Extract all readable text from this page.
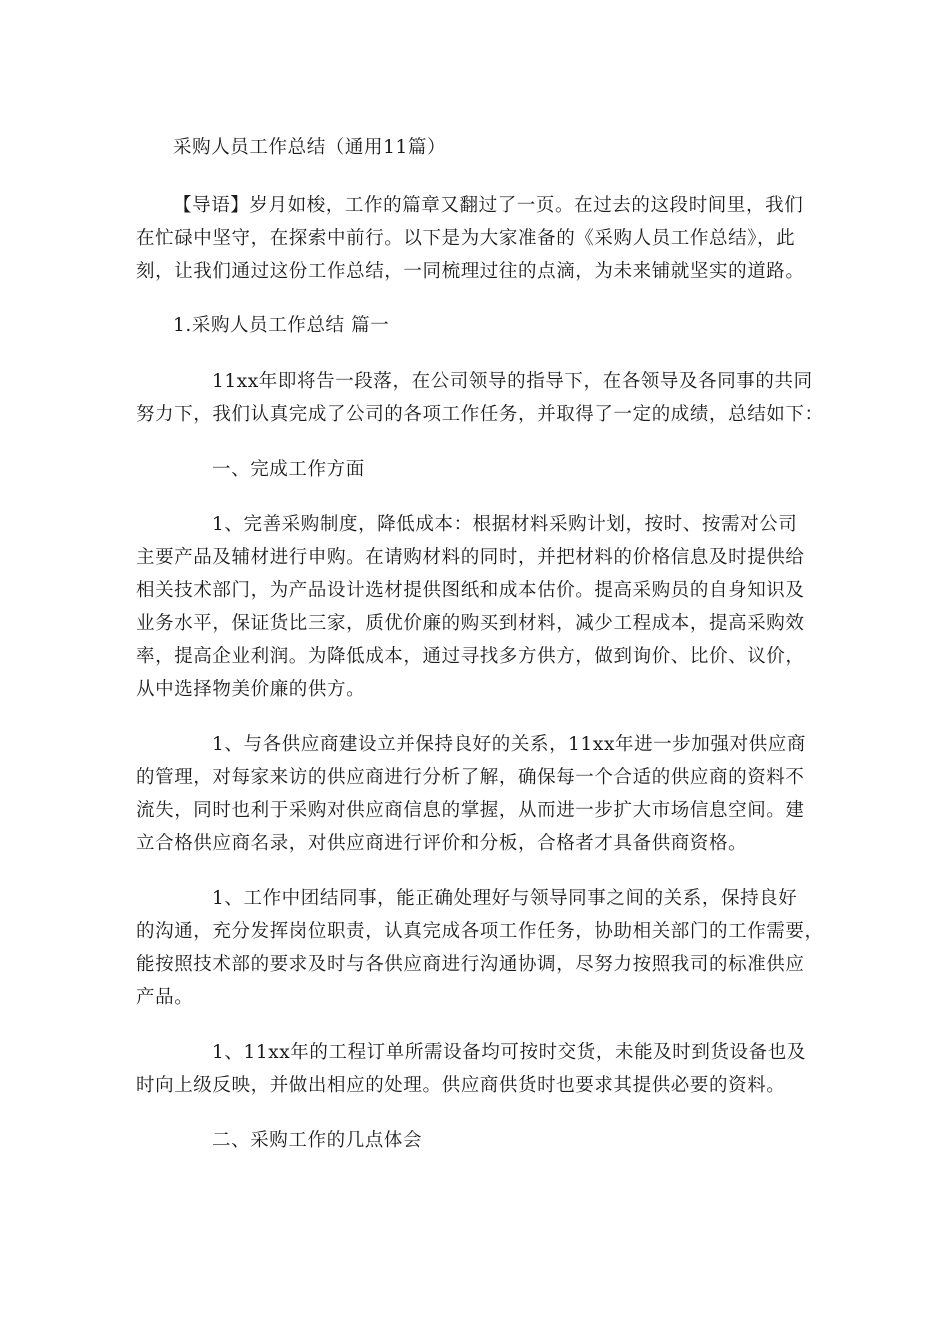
采购人员工作总结（通用11篇）

【导语】岁月如梭，工作的篇章又翻过了一页。在过去的这段时间里，我们

在忙碌中坚守，在探索中前行。以下是为大家准备的《采购人员工作总结》，此

刻，让我们通过这份工作总结，一同梳理过往的点滴，为未来铺就坚实的道路。

1.采购人员工作总结 篇一

11xx年即将告一段落，在公司领导的指导下，在各领导及各同事的共同

努力下，我们认真完成了公司的各项工作任务，并取得了一定的成绩，总结如下：

一、完成工作方面

1、完善采购制度，降低成本：根据材料采购计划，按时、按需对公司

主要产品及辅材进行申购。在请购材料的同时，并把材料的价格信息及时提供给

相关技术部门，为产品设计选材提供图纸和成本估价。提高采购员的自身知识及

业务水平，保证货比三家，质优价廉的购买到材料，减少工程成本，提高采购效

率，提高企业利润。为降低成本，通过寻找多方供方，做到询价、比价、议价，

从中选择物美价廉的供方。

1、与各供应商建设立并保持良好的关系，11xx年进一步加强对供应商

的管理，对每家来访的供应商进行分析了解，确保每一个合适的供应商的资料不

流失，同时也利于采购对供应商信息的掌握，从而进一步扩大市场信息空间。建

立合格供应商名录，对供应商进行评价和分板，合格者才具备供商资格。

1、工作中团结同事，能正确处理好与领导同事之间的关系，保持良好

的沟通，充分发挥岗位职责，认真完成各项工作任务，协助相关部门的工作需要，

能按照技术部的要求及时与各供应商进行沟通协调，尽努力按照我司的标准供应

产品。

1、11xx年的工程订单所需设备均可按时交货，未能及时到货设备也及

时向上级反映，并做出相应的处理。供应商供货时也要求其提供必要的资料。

二、采购工作的几点体会
